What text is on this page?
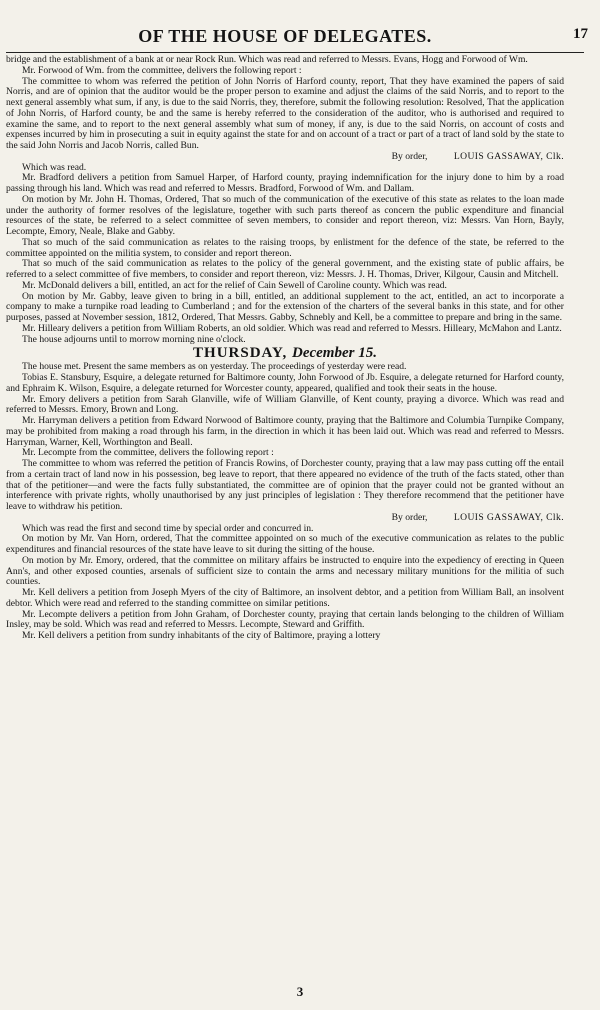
OF THE HOUSE OF DELEGATES.	17

bridge and the establishment of a bank at or near Rock Run. Which was read and referred to Messrs. Evans, Hogg and Forwood of Wm.

Mr. Forwood of Wm. from the committee, delivers the following report :

The committee to whom was referred the petition of John Norris of Harford county, report, That they have examined the papers of said Norris, and are of opinion that the auditor would be the proper person to examine and adjust the claims of the said Norris, and to report to the next general assembly what sum, if any, is due to the said Norris, they, therefore, submit the following resolution: Resolved, That the application of John Norris, of Harford county, be and the same is hereby referred to the consideration of the auditor, who is authorised and required to examine the same, and to report to the next general assembly what sum of money, if any, is due to the said Norris, on account of costs and expenses incurred by him in prosecuting a suit in equity against the state for and on account of a tract or part of a tract of land sold by the state to the said John Norris and Jacob Norris, called Bun.

By order,	LOUIS GASSAWAY, Clk.

Which was read.

Mr. Bradford delivers a petition from Samuel Harper, of Harford county, praying indemnification for the injury done to him by a road passing through his land. Which was read and referred to Messrs. Bradford, Forwood of Wm. and Dallam.

On motion by Mr. John H. Thomas, Ordered, That so much of the communication of the executive of this state as relates to the loan made under the authority of former resolves of the legislature, together with such parts thereof as concern the public expenditure and financial resources of the state, be referred to a select committee of seven members, to consider and report thereon, viz: Messrs. Van Horn, Bayly, Lecompte, Emory, Neale, Blake and Gabby.

That so much of the said communication as relates to the raising troops, by enlistment for the defence of the state, be referred to the committee appointed on the militia system, to consider and report thereon.

That so much of the said communication as relates to the policy of the general government, and the existing state of public affairs, be referred to a select committee of five members, to consider and report thereon, viz: Messrs. J. H. Thomas, Driver, Kilgour, Causin and Mitchell.

Mr. McDonald delivers a bill, entitled, an act for the relief of Cain Sewell of Caroline county. Which was read.

On motion by Mr. Gabby, leave given to bring in a bill, entitled, an additional supplement to the act, entitled, an act to incorporate a company to make a turnpike road leading to Cumberland ; and for the extension of the charters of the several banks in this state, and for other purposes, passed at November session, 1812, Ordered, That Messrs. Gabby, Schnebly and Kell, be a committee to prepare and bring in the same.

Mr. Hilleary delivers a petition from William Roberts, an old soldier. Which was read and referred to Messrs. Hilleary, McMahon and Lantz.

The house adjourns until to morrow morning nine o'clock.

THURSDAY, December 15.

The house met. Present the same members as on yesterday. The proceedings of yesterday were read.

Tobias E. Stansbury, Esquire, a delegate returned for Baltimore county, John Forwood of Jb. Esquire, a delegate returned for Harford county, and Ephraim K. Wilson, Esquire, a delegate returned for Worcester county, appeared, qualified and took their seats in the house.

Mr. Emory delivers a petition from Sarah Glanville, wife of William Glanville, of Kent county, praying a divorce. Which was read and referred to Messrs. Emory, Brown and Long.

Mr. Harryman delivers a petition from Edward Norwood of Baltimore county, praying that the Baltimore and Columbia Turnpike Company, may be prohibited from making a road through his farm, in the direction in which it has been laid out. Which was read and referred to Messrs. Harryman, Warner, Kell, Worthington and Beall.

Mr. Lecompte from the committee, delivers the following report :

The committee to whom was referred the petition of Francis Rowins, of Dorchester county, praying that a law may pass cutting off the entail from a certain tract of land now in his possession, beg leave to report, that there appeared no evidence of the truth of the facts stated, other than that of the petitioner—and were the facts fully substantiated, the committee are of opinion that the prayer could not be granted without an interference with private rights, wholly unauthorised by any just principles of legislation : They therefore recommend that the petitioner have leave to withdraw his petition.

By order,	LOUIS GASSAWAY, Clk.

Which was read the first and second time by special order and concurred in.

On motion by Mr. Van Horn, ordered, That the committee appointed on so much of the executive communication as relates to the public expenditures and financial resources of the state have leave to sit during the sitting of the house.

On motion by Mr. Emory, ordered, that the committee on military affairs be instructed to enquire into the expediency of erecting in Queen Ann's, and other exposed counties, arsenals of sufficient size to contain the arms and necessary military munitions for the militia of such counties.

Mr. Kell delivers a petition from Joseph Myers of the city of Baltimore, an insolvent debtor, and a petition from William Ball, an insolvent debtor. Which were read and referred to the standing committee on similar petitions.

Mr. Lecompte delivers a petition from John Graham, of Dorchester county, praying that certain lands belonging to the children of William Insley, may be sold. Which was read and referred to Messrs. Lecompte, Steward and Griffith.

Mr. Kell delivers a petition from sundry inhabitants of the city of Baltimore, praying a lottery

3
